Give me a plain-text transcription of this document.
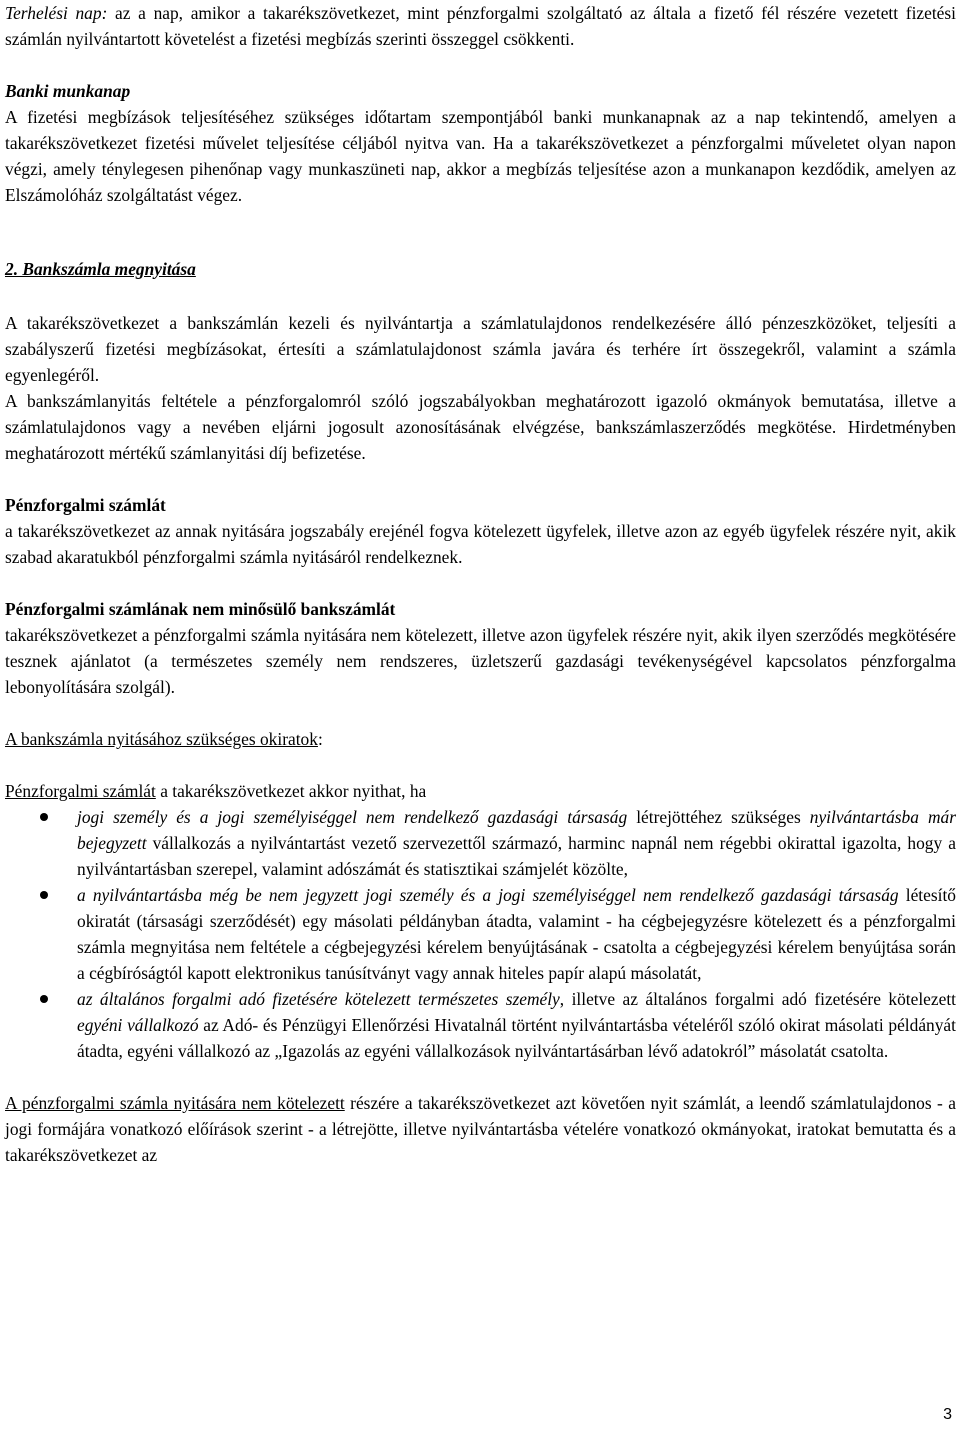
Terhelési nap: az a nap, amikor a takarékszövetkezet, mint pénzforgalmi szolgáltató az általa a fizető fél részére vezetett fizetési számlán nyilvántartott követelést a fizetési megbízás szerinti összeggel csökkenti.

Banki munkanap

A fizetési megbízások teljesítéséhez szükséges időtartam szempontjából banki munkanapnak az a nap tekintendő, amelyen a takarékszövetkezet fizetési művelet teljesítése céljából nyitva van. Ha a takarékszövetkezet a pénzforgalmi műveletet olyan napon végzi, amely ténylegesen pihenőnap vagy munkaszüneti nap, akkor a megbízás teljesítése azon a munkanapon kezdődik, amelyen az Elszámolóház szolgáltatást végez.

2. Bankszámla megnyitása

A takarékszövetkezet a bankszámlán kezeli és nyilvántartja a számlatulajdonos rendelkezésére álló pénzeszközöket, teljesíti a szabályszerű fizetési megbízásokat, értesíti a számlatulajdonost számla javára és terhére írt összegekről, valamint a számla egyenlegéről.

A bankszámlanyitás feltétele a pénzforgalomról szóló jogszabályokban meghatározott igazoló okmányok bemutatása, illetve a számlatulajdonos vagy a nevében eljárni jogosult azonosításának elvégzése, bankszámlaszerződés megkötése. Hirdetményben meghatározott mértékű számlanyitási díj befizetése.

Pénzforgalmi számlát

a takarékszövetkezet az annak nyitására jogszabály erejénél fogva kötelezett ügyfelek, illetve azon az egyéb ügyfelek részére nyit, akik szabad akaratukból pénzforgalmi számla nyitásáról rendelkeznek.

Pénzforgalmi számlának nem minősülő bankszámlát

takarékszövetkezet a pénzforgalmi számla nyitására nem kötelezett, illetve azon ügyfelek részére nyit, akik ilyen szerződés megkötésére tesznek ajánlatot (a természetes személy nem rendszeres, üzletszerű gazdasági tevékenységével kapcsolatos pénzforgalma lebonyolítására szolgál).

A bankszámla nyitásához szükséges okiratok:

Pénzforgalmi számlát a takarékszövetkezet akkor nyithat, ha

jogi személy és a jogi személyiséggel nem rendelkező gazdasági társaság létrejöttéhez szükséges nyilvántartásba már bejegyzett vállalkozás a nyilvántartást vezető szervezettől származó, harminc napnál nem régebbi okirattal igazolta, hogy a nyilvántartásban szerepel, valamint adószámát és statisztikai számjelét közölte,
a nyilvántartásba még be nem jegyzett jogi személy és a jogi személyiséggel nem rendelkező gazdasági társaság létesítő okiratát (társasági szerződését) egy másolati példányban átadta, valamint - ha cégbejegyzésre kötelezett és a pénzforgalmi számla megnyitása nem feltétele a cégbejegyzési kérelem benyújtásának - csatolta a cégbejegyzési kérelem benyújtása során a cégbíróságtól kapott elektronikus tanúsítványt vagy annak hiteles papír alapú másolatát,
az általános forgalmi adó fizetésére kötelezett természetes személy, illetve az általános forgalmi adó fizetésére kötelezett egyéni vállalkozó az Adó- és Pénzügyi Ellenőrzési Hivatalnál történt nyilvántartásba vételéről szóló okirat másolati példányát átadta, egyéni vállalkozó az „Igazolás az egyéni vállalkozások nyilvántartásárban lévő adatokról” másolatát csatolta.

A pénzforgalmi számla nyitására nem kötelezett részére a takarékszövetkezet azt követően nyit számlát, a leendő számlatulajdonos - a jogi formájára vonatkozó előírások szerint - a létrejötte, illetve nyilvántartásba vételére vonatkozó okmányokat, iratokat bemutatta és a takarékszövetkezet az

3
